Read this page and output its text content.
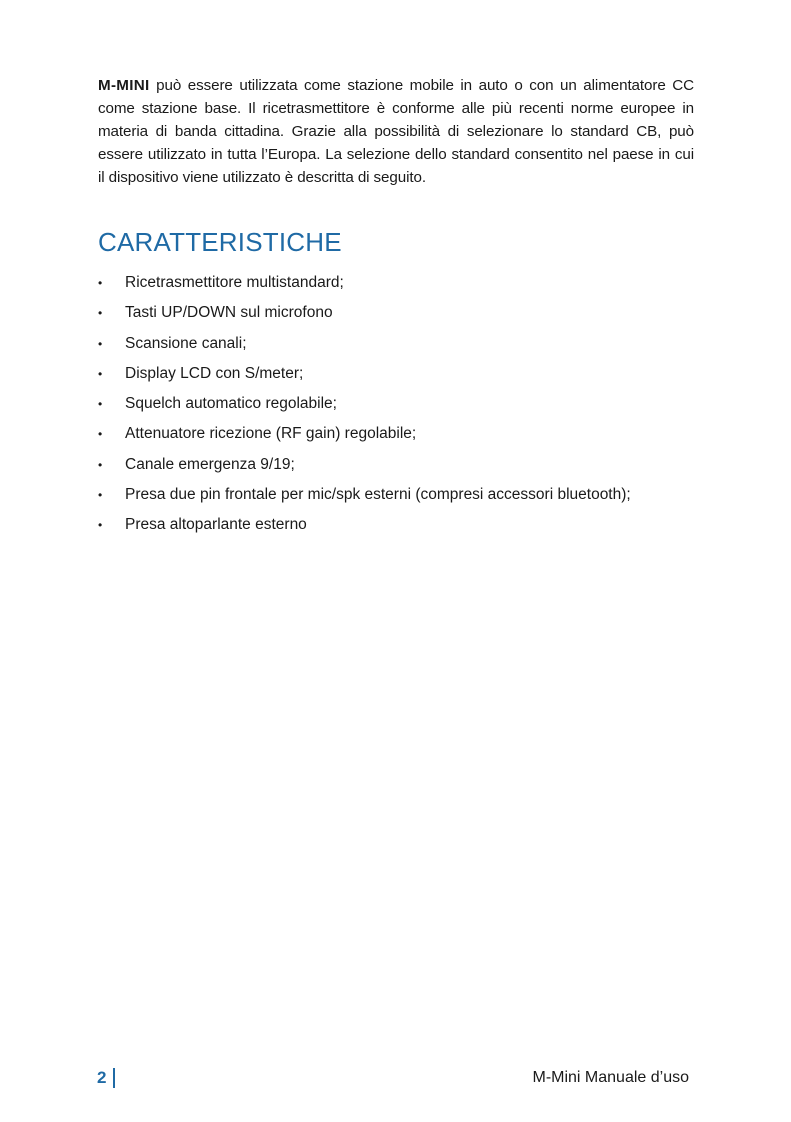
M-MINI può essere utilizzata come stazione mobile in auto o con un alimentatore CC come stazione base. Il ricetrasmettitore è conforme alle più recenti norme europee in materia di banda cittadina. Grazie alla possibilità di selezionare lo standard CB, può essere utilizzato in tutta l’Europa. La selezione dello standard consentito nel paese in cui il dispositivo viene utilizzato è descritta di seguito.

CARATTERISTICHE
• Ricetrasmettitore multistandard;
• Tasti UP/DOWN sul microfono
• Scansione canali;
• Display LCD con S/meter;
• Squelch automatico regolabile;
• Attenuatore ricezione (RF gain) regolabile;
• Canale emergenza 9/19;
• Presa due pin frontale per mic/spk esterni (compresi accessori bluetooth);
• Presa altoparlante esterno
2	M-Mini Manuale d’uso
